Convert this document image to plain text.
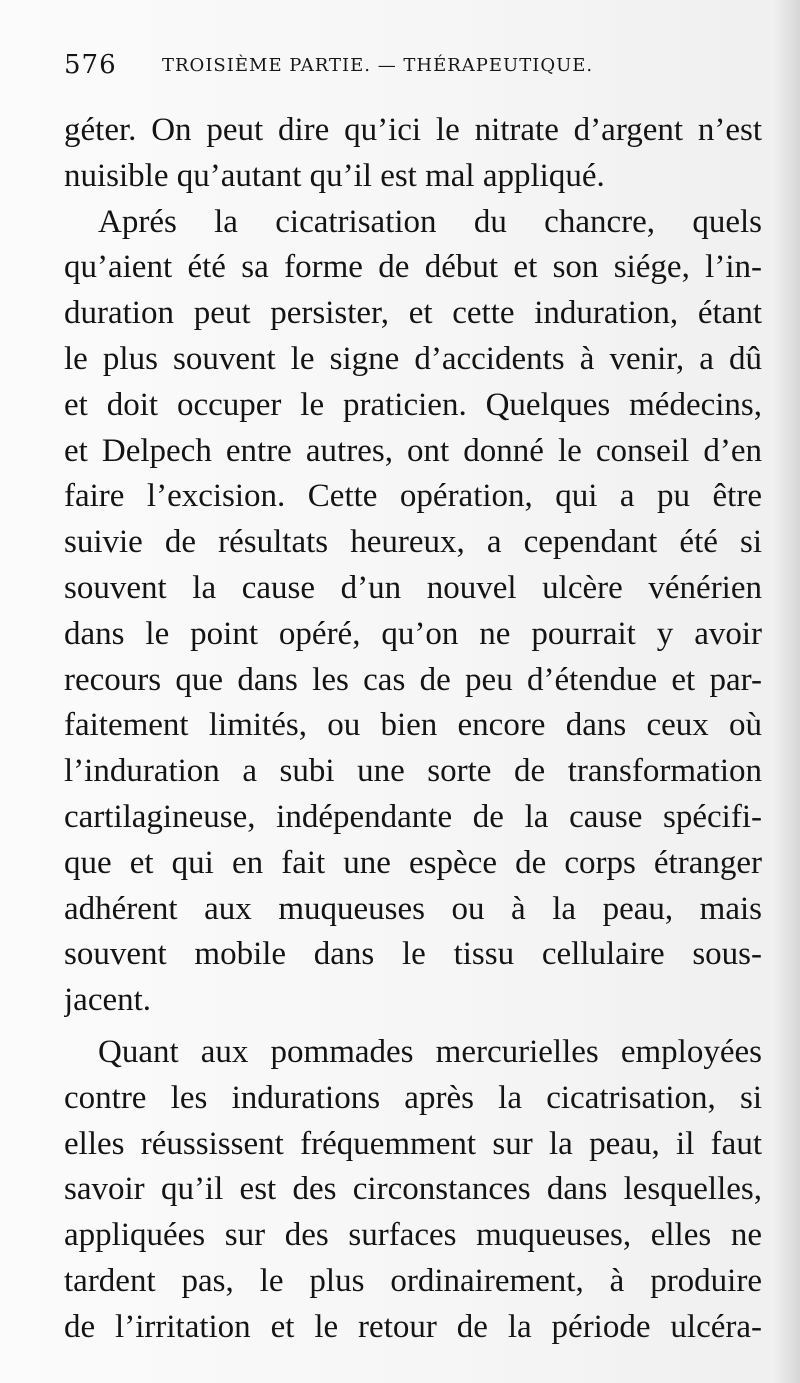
576	TROISIÈME PARTIE. — THÉRAPEUTIQUE.
géter. On peut dire qu’ici le nitrate d’argent n’est
nuisible qu’autant qu’il est mal appliqué.
Aprés la cicatrisation du chancre, quels
qu’aient été sa forme de début et son siége, l’in-
duration peut persister, et cette induration, étant
le plus souvent le signe d’accidents à venir, a dû
et doit occuper le praticien. Quelques médecins,
et Delpech entre autres, ont donné le conseil d’en
faire l’excision. Cette opération, qui a pu être
suivie de résultats heureux, a cependant été si
souvent la cause d’un nouvel ulcère vénérien
dans le point opéré, qu’on ne pourrait y avoir
recours que dans les cas de peu d’étendue et par-
faitement limités, ou bien encore dans ceux où
l’induration a subi une sorte de transformation
cartilagineuse, indépendante de la cause spécifi-
que et qui en fait une espèce de corps étranger
adhérent aux muqueuses ou à la peau, mais
souvent mobile dans le tissu cellulaire sous-
jacent.
Quant aux pommades mercurielles employées
contre les indurations après la cicatrisation, si
elles réussissent fréquemment sur la peau, il faut
savoir qu’il est des circonstances dans lesquelles,
appliquées sur des surfaces muqueuses, elles ne
tardent pas, le plus ordinairement, à produire
de l’irritation et le retour de la période ulcéra-
